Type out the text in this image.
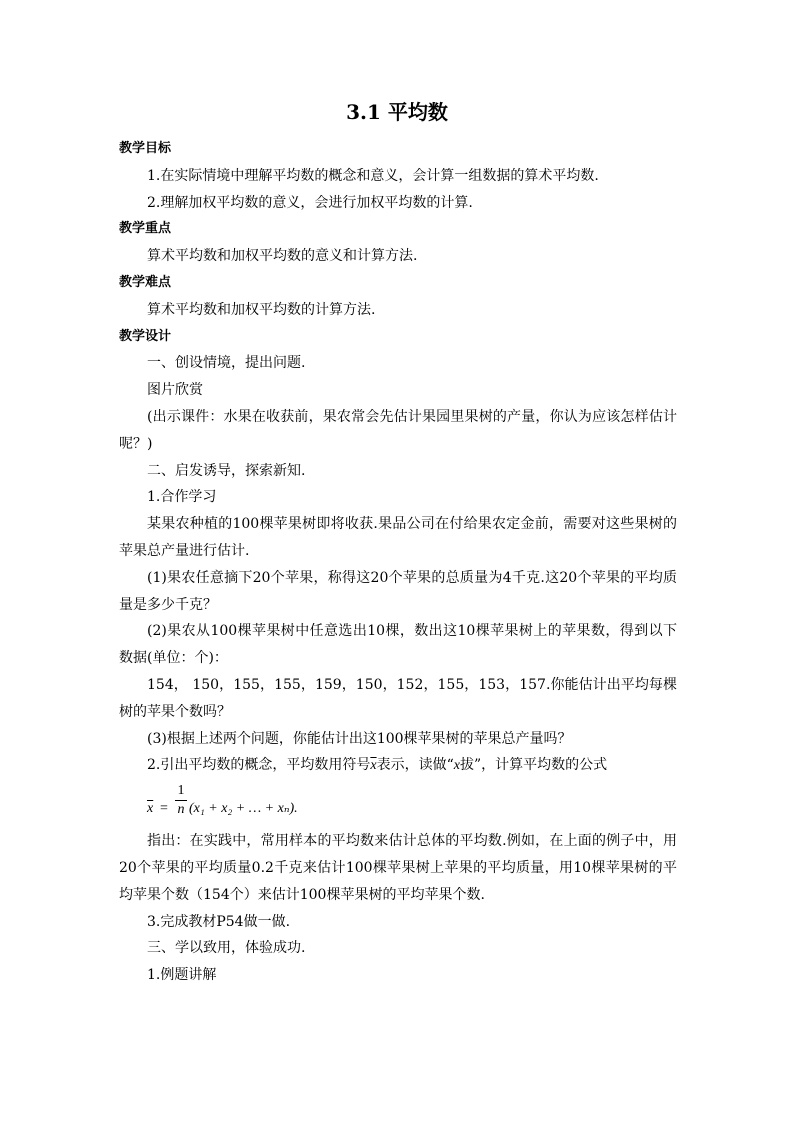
3.1 平均数

教学目标

1.在实际情境中理解平均数的概念和意义，会计算一组数据的算术平均数.

2.理解加权平均数的意义，会进行加权平均数的计算.

教学重点

算术平均数和加权平均数的意义和计算方法.

教学难点

算术平均数和加权平均数的计算方法.

教学设计

一、创设情境，提出问题.

图片欣赏

(出示课件：水果在收获前，果农常会先估计果园里果树的产量，你认为应该怎样估计呢？)

二、启发诱导，探索新知.

1.合作学习

某果农种植的100棵苹果树即将收获.果品公司在付给果农定金前，需要对这些果树的苹果总产量进行估计.

(1)果农任意摘下20个苹果，称得这20个苹果的总质量为4千克.这20个苹果的平均质量是多少千克？

(2)果农从100棵苹果树中任意选出10棵，数出这10棵苹果树上的苹果数，得到以下数据(单位：个)：

154， 150，155，155，159，150，152，155，153，157.你能估计出平均每棵树的苹果个数吗？

(3)根据上述两个问题，你能估计出这100棵苹果树的苹果总产量吗？

2.引出平均数的概念，平均数用符号$\overline{x}$表示，读做“x拔”，计算平均数的公式

$\overline{x} = \frac{1}{n} (x_1 + x_2$ + … + xₙ).

指出：在实践中，常用样本的平均数来估计总体的平均数.例如，在上面的例子中，用20个苹果的平均质量0.2千克来估计100棵苹果树上苹果的平均质量，用10棵苹果树的平均苹果个数（154个）来估计100棵苹果树的平均苹果个数.

3.完成教材P54做一做.

三、学以致用，体验成功.

1.例题讲解
